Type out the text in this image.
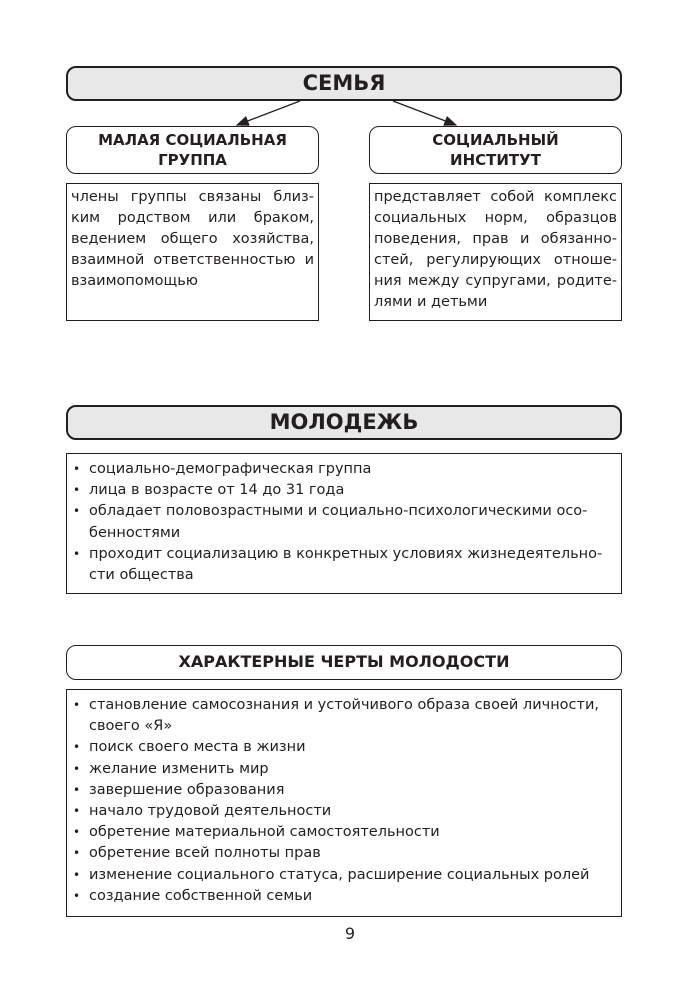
СЕМЬЯ
МАЛАЯ СОЦИАЛЬНАЯ
ГРУППА
СОЦИАЛЬНЫЙ
ИНСТИТУТ
члены группы связаны близким родством или браком, ведением общего хозяйства, взаимной ответственностью и взаимопомощью
представляет собой комплекс социальных норм, образцов поведения, прав и обязанностей, регулирующих отношения между супругами, родителями и детьми
МОЛОДЕЖЬ
• социально-демографическая группа
• лица в возрасте от 14 до 31 года
• обладает половозрастными и социально-психологическими особенностями
• проходит социализацию в конкретных условиях жизнедеятельности общества
ХАРАКТЕРНЫЕ ЧЕРТЫ МОЛОДОСТИ
• становление самосознания и устойчивого образа своей личности, своего «Я»
• поиск своего места в жизни
• желание изменить мир
• завершение образования
• начало трудовой деятельности
• обретение материальной самостоятельности
• обретение всей полноты прав
• изменение социального статуса, расширение социальных ролей
• создание собственной семьи
9
